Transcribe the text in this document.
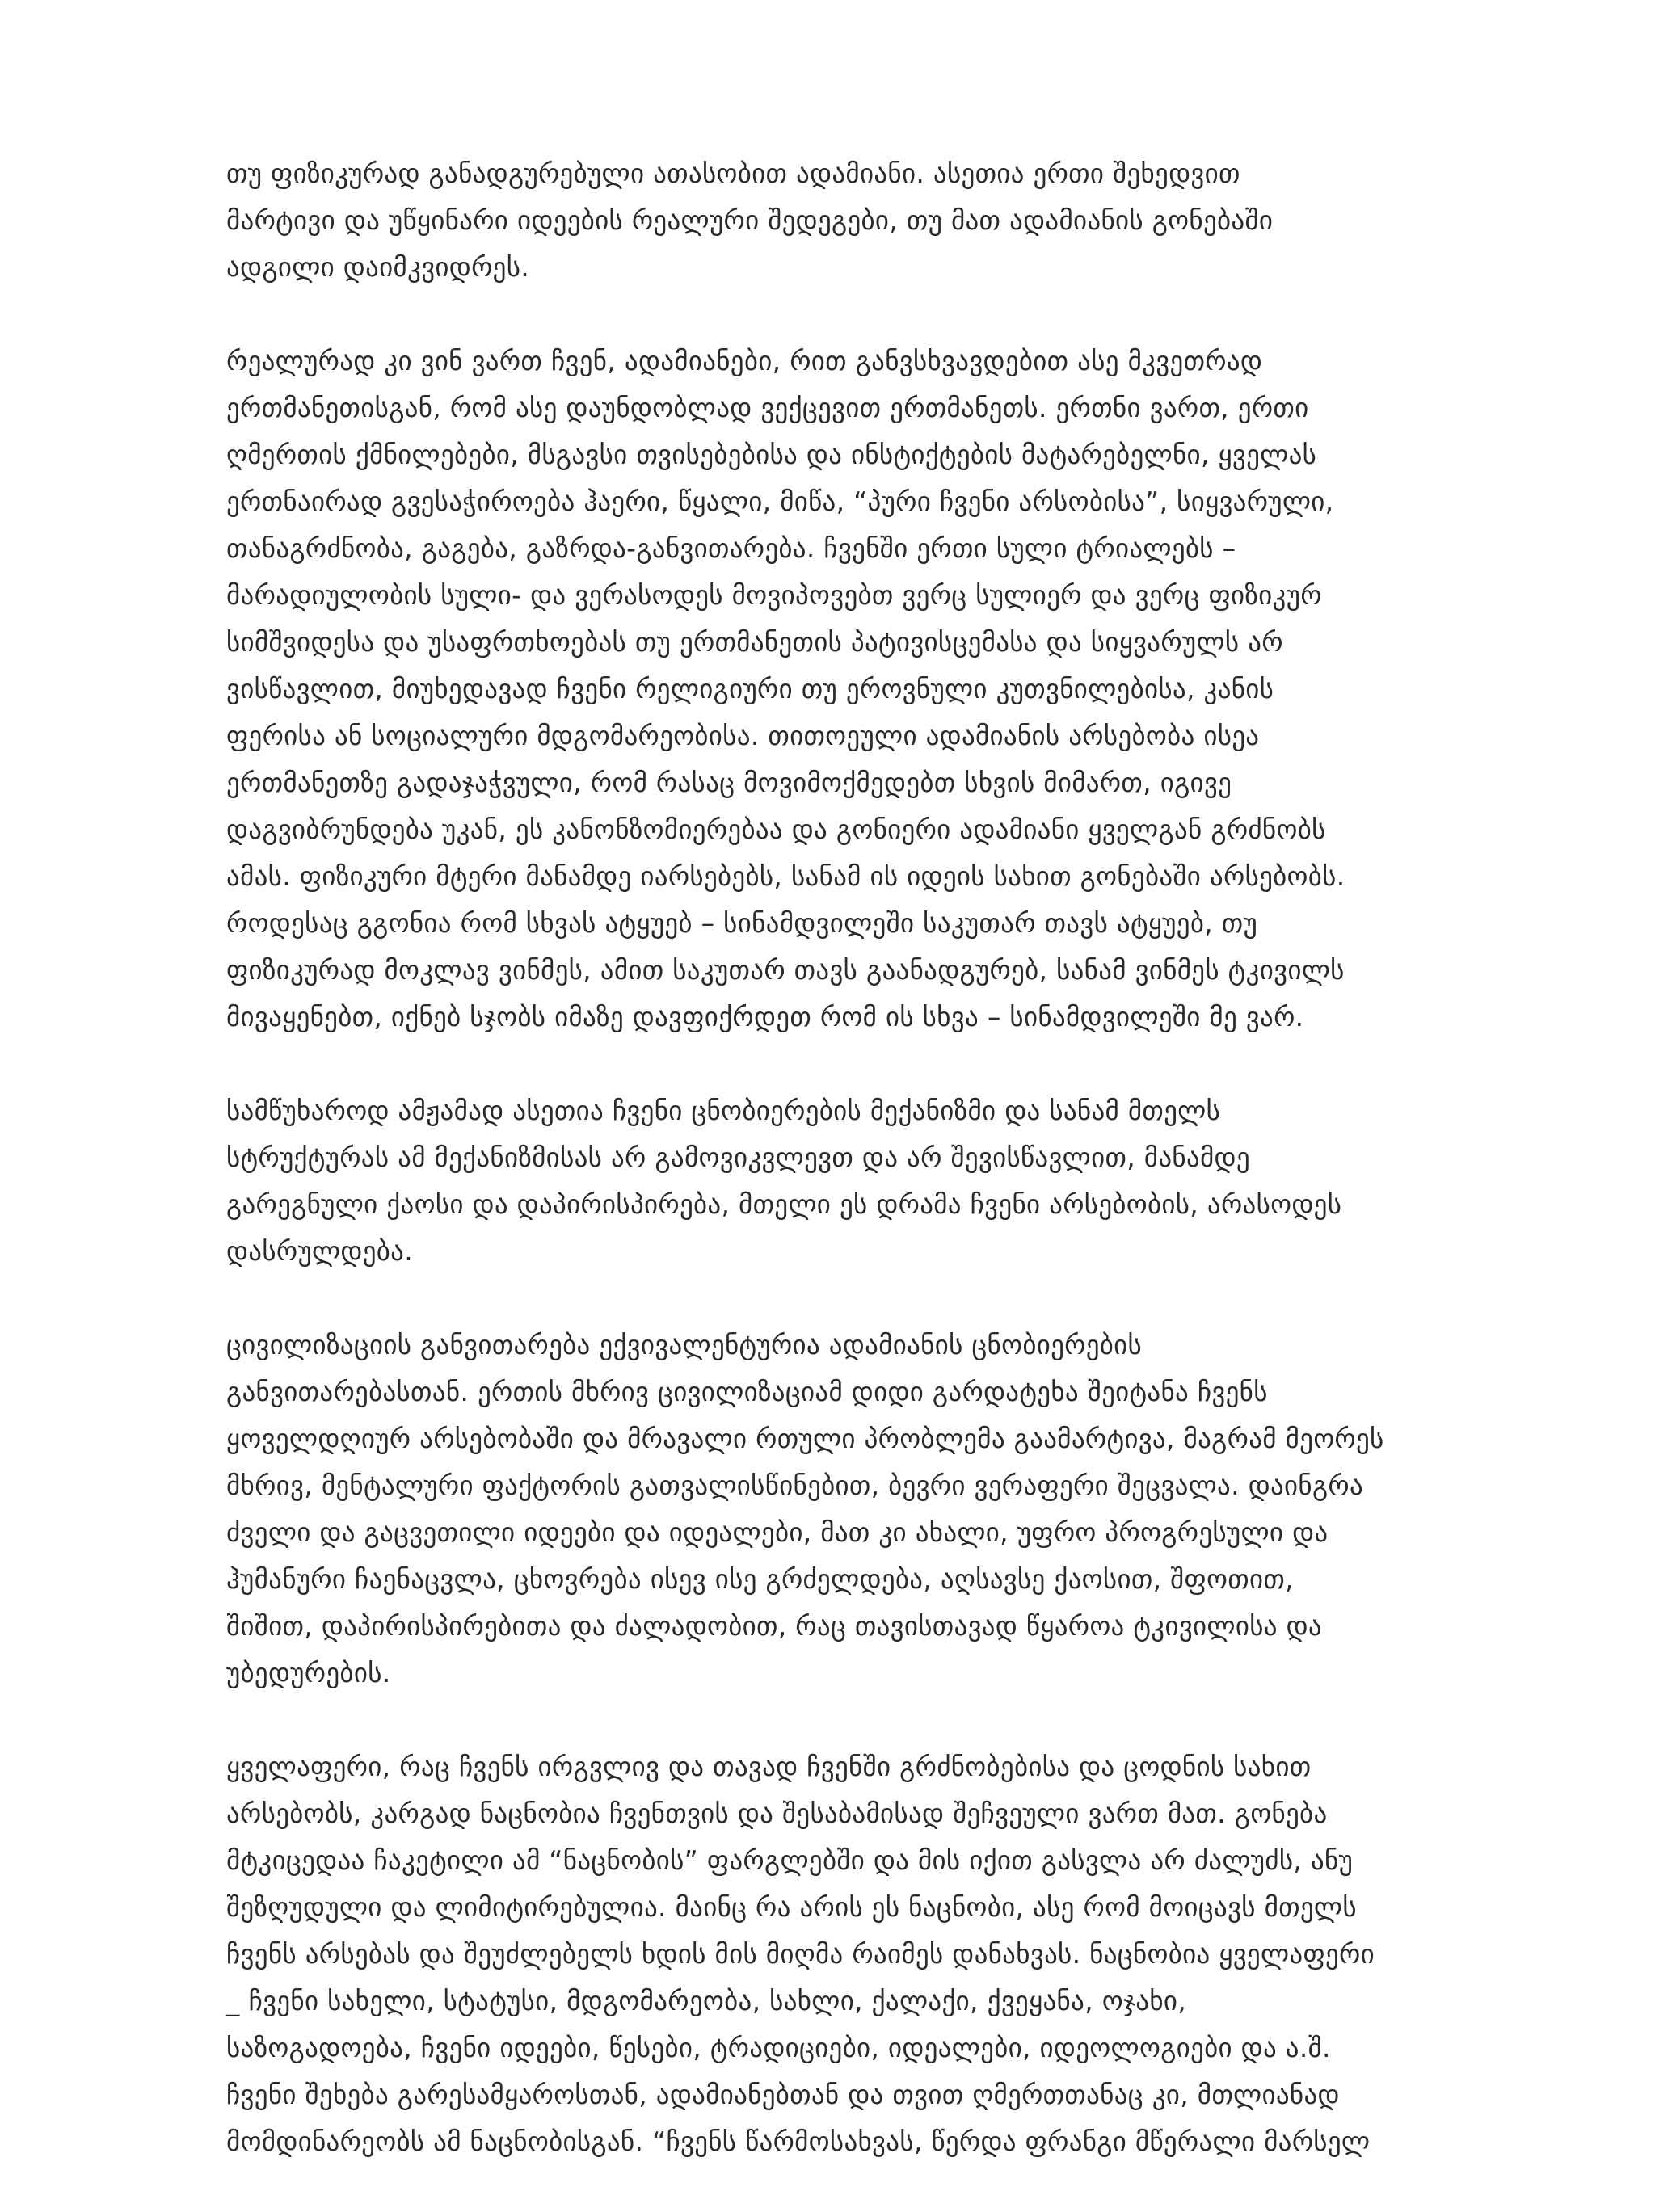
თუ ფიზიკურად განადგურებული ათასობით ადამიანი. ასეთია ერთი შეხედვით
მარტივი და უწყინარი იდეების რეალური შედეგები, თუ მათ ადამიანის გონებაში
ადგილი დაიმკვიდრეს.

რეალურად კი ვინ ვართ ჩვენ, ადამიანები, რით განვსხვავდებით ასე მკვეთრად
ერთმანეთისგან, რომ ასე დაუნდობლად ვექცევით ერთმანეთს. ერთნი ვართ, ერთი
ღმერთის ქმნილებები, მსგავსი თვისებებისა და ინსტიქტების მატარებელნი, ყველას
ერთნაირად გვესაჭიროება ჰაერი, წყალი, მიწა, “პური ჩვენი არსობისა”, სიყვარული,
თანაგრძნობა, გაგება, გაზრდა-განვითარება. ჩვენში ერთი სული ტრიალებს –
მარადიულობის სული- და ვერასოდეს მოვიპოვებთ ვერც სულიერ და ვერც ფიზიკურ
სიმშვიდესა და უსაფრთხოებას თუ ერთმანეთის პატივისცემასა და სიყვარულს არ
ვისწავლით, მიუხედავად ჩვენი რელიგიური თუ ეროვნული კუთვნილებისა, კანის
ფერისა ან სოციალური მდგომარეობისა. თითოეული ადამიანის არსებობა ისეა
ერთმანეთზე გადაჯაჭვული, რომ რასაც მოვიმოქმედებთ სხვის მიმართ, იგივე
დაგვიბრუნდება უკან, ეს კანონზომიერებაა და გონიერი ადამიანი ყველგან გრძნობს
ამას. ფიზიკური მტერი მანამდე იარსებებს, სანამ ის იდეის სახით გონებაში არსებობს.
როდესაც გგონია რომ სხვას ატყუებ – სინამდვილეში საკუთარ თავს ატყუებ, თუ
ფიზიკურად მოკლავ ვინმეს, ამით საკუთარ თავს გაანადგურებ, სანამ ვინმეს ტკივილს
მივაყენებთ, იქნებ სჯობს იმაზე დავფიქრდეთ რომ ის სხვა – სინამდვილეში მე ვარ.

სამწუხაროდ ამჟამად ასეთია ჩვენი ცნობიერების მექანიზმი და სანამ მთელს
სტრუქტურას ამ მექანიზმისას არ გამოვიკვლევთ და არ შევისწავლით, მანამდე
გარეგნული ქაოსი და დაპირისპირება, მთელი ეს დრამა ჩვენი არსებობის, არასოდეს
დასრულდება.

ცივილიზაციის განვითარება ექვივალენტურია ადამიანის ცნობიერების
განვითარებასთან. ერთის მხრივ ცივილიზაციამ დიდი გარდატეხა შეიტანა ჩვენს
ყოველდღიურ არსებობაში და მრავალი რთული პრობლემა გაამარტივა, მაგრამ მეორეს
მხრივ, მენტალური ფაქტორის გათვალისწინებით, ბევრი ვერაფერი შეცვალა. დაინგრა
ძველი და გაცვეთილი იდეები და იდეალები, მათ კი ახალი, უფრო პროგრესული და
ჰუმანური ჩაენაცვლა, ცხოვრება ისევ ისე გრძელდება, აღსავსე ქაოსით, შფოთით,
შიშით, დაპირისპირებითა და ძალადობით, რაც თავისთავად წყაროა ტკივილისა და
უბედურების.

ყველაფერი, რაც ჩვენს ირგვლივ და თავად ჩვენში გრძნობებისა და ცოდნის სახით
არსებობს, კარგად ნაცნობია ჩვენთვის და შესაბამისად შეჩვეული ვართ მათ. გონება
მტკიცედაა ჩაკეტილი ამ “ნაცნობის” ფარგლებში და მის იქით გასვლა არ ძალუძს, ანუ
შეზღუდული და ლიმიტირებულია. მაინც რა არის ეს ნაცნობი, ასე რომ მოიცავს მთელს
ჩვენს არსებას და შეუძლებელს ხდის მის მიღმა რაიმეს დანახვას. ნაცნობია ყველაფერი
_ ჩვენი სახელი, სტატუსი, მდგომარეობა, სახლი, ქალაქი, ქვეყანა, ოჯახი,
საზოგადოება, ჩვენი იდეები, წესები, ტრადიციები, იდეალები, იდეოლოგიები და ა.შ.
ჩვენი შეხება გარესამყაროსთან, ადამიანებთან და თვით ღმერთთანაც კი, მთლიანად
მომდინარეობს ამ ნაცნობისგან. “ჩვენს წარმოსახვას, წერდა ფრანგი მწერალი მარსელ
